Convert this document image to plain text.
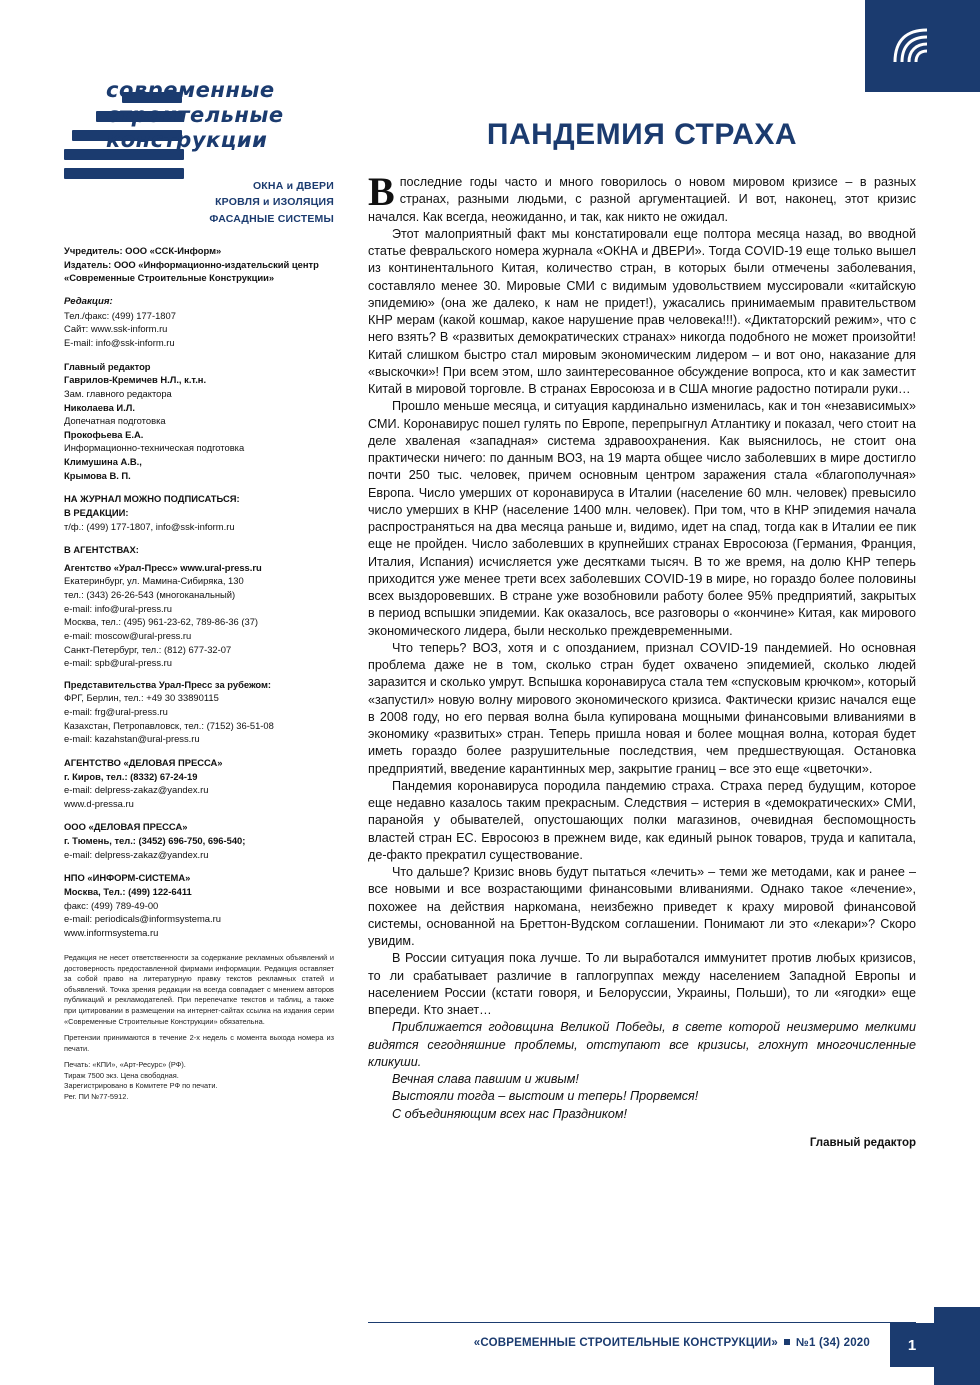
современные
строительные
конструкции
ОКНА и ДВЕРИ
КРОВЛЯ и ИЗОЛЯЦИЯ
ФАСАДНЫЕ СИСТЕМЫ
Учредитель: ООО «ССК-Информ»
Издатель: ООО «Информационно-издательский центр
«Современные Строительные Конструкции»
Редакция:
Тел./факс: (499) 177-1807
Сайт: www.ssk-inform.ru
E-mail: info@ssk-inform.ru
Главный редактор
Гаврилов-Кремичев Н.Л., к.т.н.
Зам. главного редактора
Николаева И.Л.
Допечатная подготовка
Прокофьева Е.А.
Информационно-техническая подготовка
Климушина А.В.,
Крымова В. П.
НА ЖУРНАЛ МОЖНО ПОДПИСАТЬСЯ:
В РЕДАКЦИИ:
т/ф.: (499) 177-1807, info@ssk-inform.ru
В АГЕНТСТВАХ:
Агентство «Урал-Пресс» www.ural-press.ru
Екатеринбург, ул. Мамина-Сибиряка, 130
тел.: (343) 26-26-543 (многоканальный)
e-mail: info@ural-press.ru
Москва, тел.: (495) 961-23-62, 789-86-36 (37)
e-mail: moscow@ural-press.ru
Санкт-Петербург, тел.: (812) 677-32-07
e-mail: spb@ural-press.ru
Представительства Урал-Пресс за рубежом:
ФРГ, Берлин, тел.: +49 30 33890115
e-mail: frg@ural-press.ru
Казахстан, Петропавловск, тел.: (7152) 36-51-08
e-mail: kazahstan@ural-press.ru
АГЕНТСТВО «ДЕЛОВАЯ ПРЕССА»
г. Киров, тел.: (8332) 67-24-19
e-mail: delpress-zakaz@yandex.ru
www.d-pressa.ru
ООО «ДЕЛОВАЯ ПРЕССА»
г. Тюмень, тел.: (3452) 696-750, 696-540;
e-mail: delpress-zakaz@yandex.ru
НПО «ИНФОРМ-СИСТЕМА»
Москва, Тел.: (499) 122-6411
факс: (499) 789-49-00
e-mail: periodicals@informsystema.ru
www.informsystema.ru

Редакция не несет ответственности за содержание рекламных объявлений и достоверность предоставленной фирмами информации. Редакция оставляет за собой право на литературную правку текстов рекламных статей и объявлений. Точка зрения редакции на всегда совпадает с мнением авторов публикаций и рекламодателей. При перепечатке текстов и таблиц, а также при цитировании в размещении на интернет-сайтах ссылка на издания серии «Современные Строительные Конструкции» обязательна.

Претензии принимаются в течение 2-х недель с момента выхода номера из печати.

Печать: «КПИ», «Арт-Ресурс» (РФ).

Тираж 7500 экз. Цена свободная.

Зарегистрировано в Комитете РФ по печати.

Рег. ПИ №77-5912.

ПАНДЕМИЯ СТРАХА

Впоследние годы часто и много говорилось о новом мировом кризисе – в разных странах, разными людьми, с разной аргументацией. И вот, наконец, этот кризис начался. Как всегда, неожиданно, и так, как никто не ожидал.

Этот малоприятный факт мы констатировали еще полтора месяца назад, во вводной статье февральского номера журнала «ОКНА и ДВЕРИ». Тогда COVID-19 еще только вышел из континентального Китая, количество стран, в которых были отмечены заболевания, составляло менее 30. Мировые СМИ с видимым удовольствием муссировали «китайскую эпидемию» (она же далеко, к нам не придет!), ужасались принимаемым правительством КНР мерам (какой кошмар, какое нарушение прав человека!!!). «Диктаторский режим», что с него взять? В «развитых демократических странах» никогда подобного не может произойти! Китай слишком быстро стал мировым экономическим лидером – и вот оно, наказание для «выскочки»! При всем этом, шло заинтересованное обсуждение вопроса, кто и как заместит Китай в мировой торговле. В странах Евросоюза и в США многие радостно потирали руки…

Прошло меньше месяца, и ситуация кардинально изменилась, как и тон «независимых» СМИ. Коронавирус пошел гулять по Европе, перепрыгнул Атлантику и показал, чего стоит на деле хваленая «западная» система здравоохранения. Как выяснилось, не стоит она практически ничего: по данным ВОЗ, на 19 марта общее число заболевших в мире достигло почти 250 тыс. человек, причем основным центром заражения стала «благополучная» Европа. Число умерших от коронавируса в Италии (население 60 млн. человек) превысило число умерших в КНР (население 1400 млн. человек). При том, что в КНР эпидемия начала распространяться на два месяца раньше и, видимо, идет на спад, тогда как в Италии ее пик еще не пройден. Число заболевших в крупнейших странах Евросоюза (Германия, Франция, Италия, Испания) исчисляется уже десятками тысяч. В то же время, на долю КНР теперь приходится уже менее трети всех заболевших COVID-19 в мире, но гораздо более половины всех выздоровевших. В стране уже возобновили работу более 95% предприятий, закрытых в период вспышки эпидемии. Как оказалось, все разговоры о «кончине» Китая, как мирового экономического лидера, были несколько преждевременными.

Что теперь? ВОЗ, хотя и с опозданием, признал COVID-19 пандемией. Но основная проблема даже не в том, сколько стран будет охвачено эпидемией, сколько людей заразится и сколько умрут. Вспышка коронавируса стала тем «спусковым крючком», который «запустил» новую волну мирового экономического кризиса. Фактически кризис начался еще в 2008 году, но его первая волна была купирована мощными финансовыми вливаниями в экономику «развитых» стран. Теперь пришла новая и более мощная волна, которая будет иметь гораздо более разрушительные последствия, чем предшествующая. Остановка предприятий, введение карантинных мер, закрытие границ – все это еще «цветочки».

Пандемия коронавируса породила пандемию страха. Страха перед будущим, которое еще недавно казалось таким прекрасным. Следствия – истерия в «демократических» СМИ, паранойя у обывателей, опустошающих полки магазинов, очевидная беспомощность властей стран ЕС. Евросоюз в прежнем виде, как единый рынок товаров, труда и капитала, де-факто прекратил существование.

Что дальше? Кризис вновь будут пытаться «лечить» – теми же методами, как и ранее – все новыми и все возрастающими финансовыми вливаниями. Однако такое «лечение», похожее на действия наркомана, неизбежно приведет к краху мировой финансовой системы, основанной на Бреттон-Вудском соглашении. Понимают ли это «лекари»? Скоро увидим.

В России ситуация пока лучше. То ли выработался иммунитет против любых кризисов, то ли срабатывает различие в гаплогруппах между населением Западной Европы и населением России (кстати говоря, и Белоруссии, Украины, Польши), то ли «ягодки» еще впереди. Кто знает…

Приближается годовщина Великой Победы, в свете которой неизмеримо мелкими видятся сегодняшние проблемы, отступают все кризисы, глохнут многочисленные кликуши.

Вечная слава павшим и живым!

Выстояли тогда – выстоим и теперь! Прорвемся!

С объединяющим всех нас Праздником!

Главный редактор
«СОВРЕМЕННЫЕ СТРОИТЕЛЬНЫЕ КОНСТРУКЦИИ» №1 (34) 2020	1
